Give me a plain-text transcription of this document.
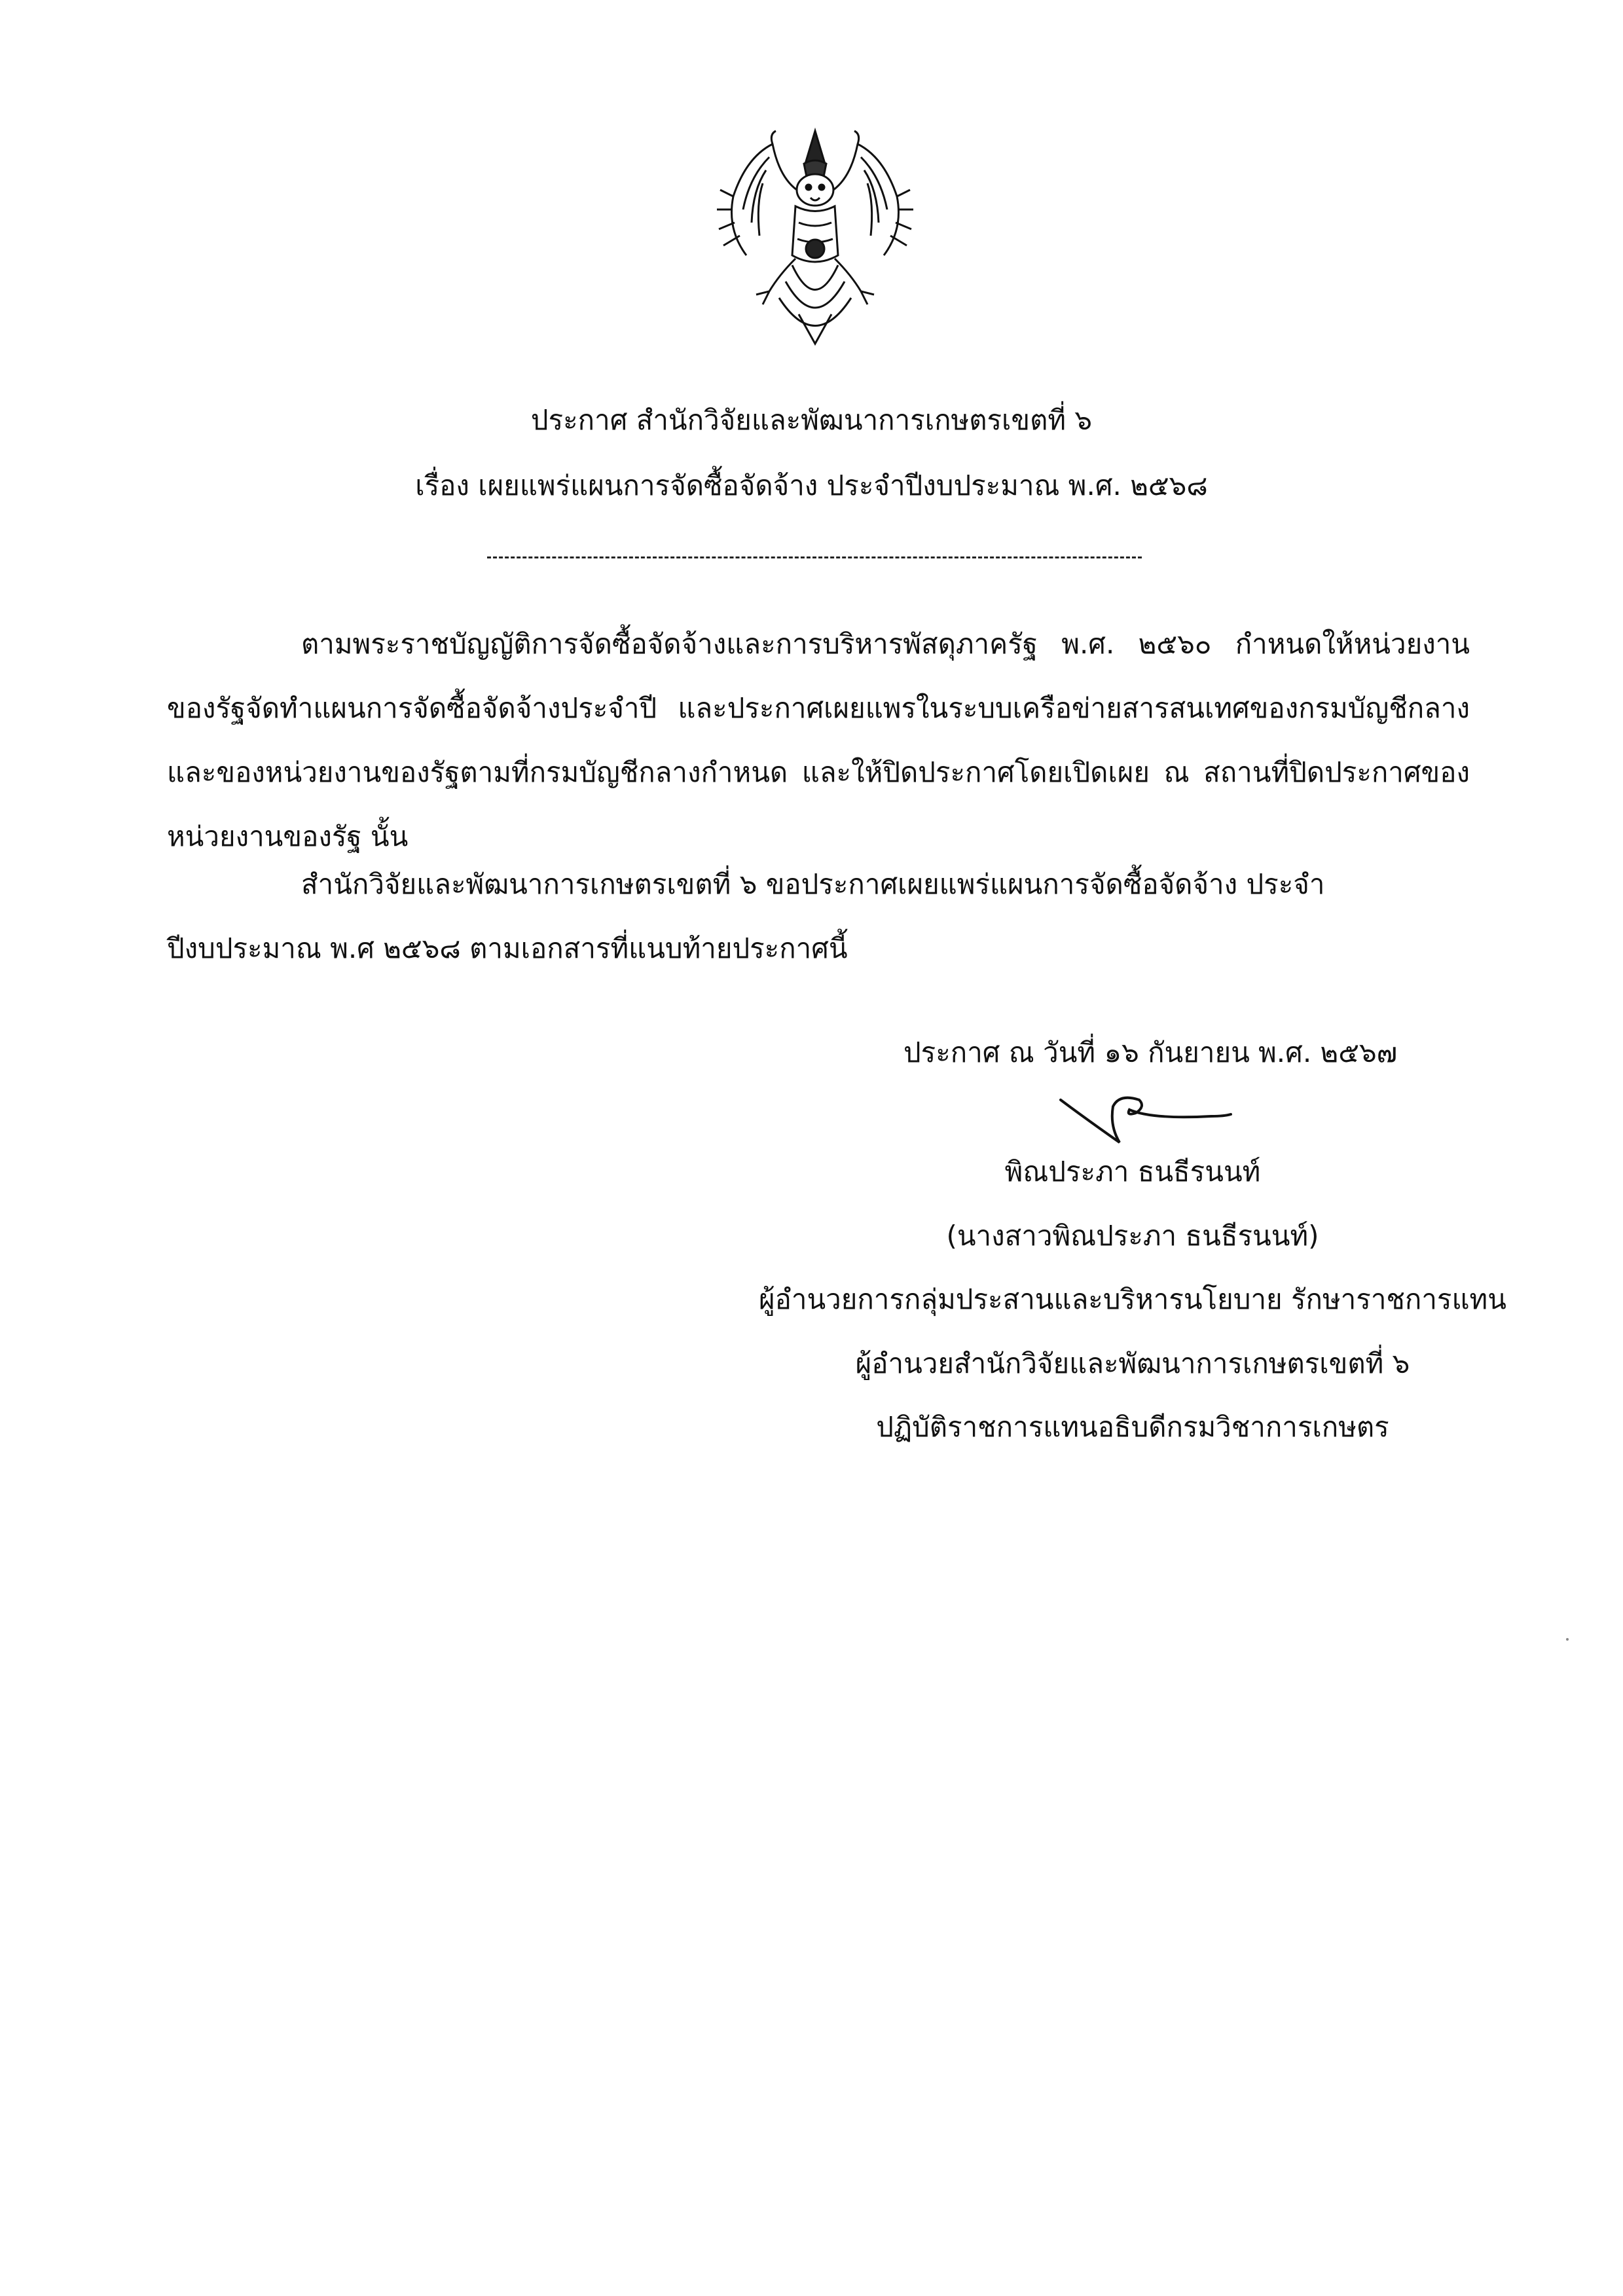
ประกาศ สำนักวิจัยและพัฒนาการเกษตรเขตที่ ๖
เรื่อง เผยแพร่แผนการจัดซื้อจัดจ้าง ประจำปีงบประมาณ พ.ศ. ๒๕๖๘
ตามพระราชบัญญัติการจัดซื้อจัดจ้างและการบริหารพัสดุภาครัฐ พ.ศ. ๒๕๖๐ กำหนดให้หน่วยงานของรัฐจัดทำแผนการจัดซื้อจัดจ้างประจำปี และประกาศเผยแพรในระบบเครือข่ายสารสนเทศของกรมบัญชีกลางและของหน่วยงานของรัฐตามที่กรมบัญชีกลางกำหนด และให้ปิดประกาศโดยเปิดเผย ณ สถานที่ปิดประกาศของหน่วยงานของรัฐ นั้น
สำนักวิจัยและพัฒนาการเกษตรเขตที่ ๖ ขอประกาศเผยแพร่แผนการจัดซื้อจัดจ้าง ประจำปีงบประมาณ พ.ศ ๒๕๖๘ ตามเอกสารที่แนบท้ายประกาศนี้
ประกาศ ณ วันที่ ๑๖ กันยายน พ.ศ. ๒๕๖๗
พิณประภา ธนธีรนนท์
(นางสาวพิณประภา ธนธีรนนท์)
ผู้อำนวยการกลุ่มประสานและบริหารนโยบาย รักษาราชการแทน
ผู้อำนวยสำนักวิจัยและพัฒนาการเกษตรเขตที่ ๖
ปฏิบัติราชการแทนอธิบดีกรมวิชาการเกษตร
